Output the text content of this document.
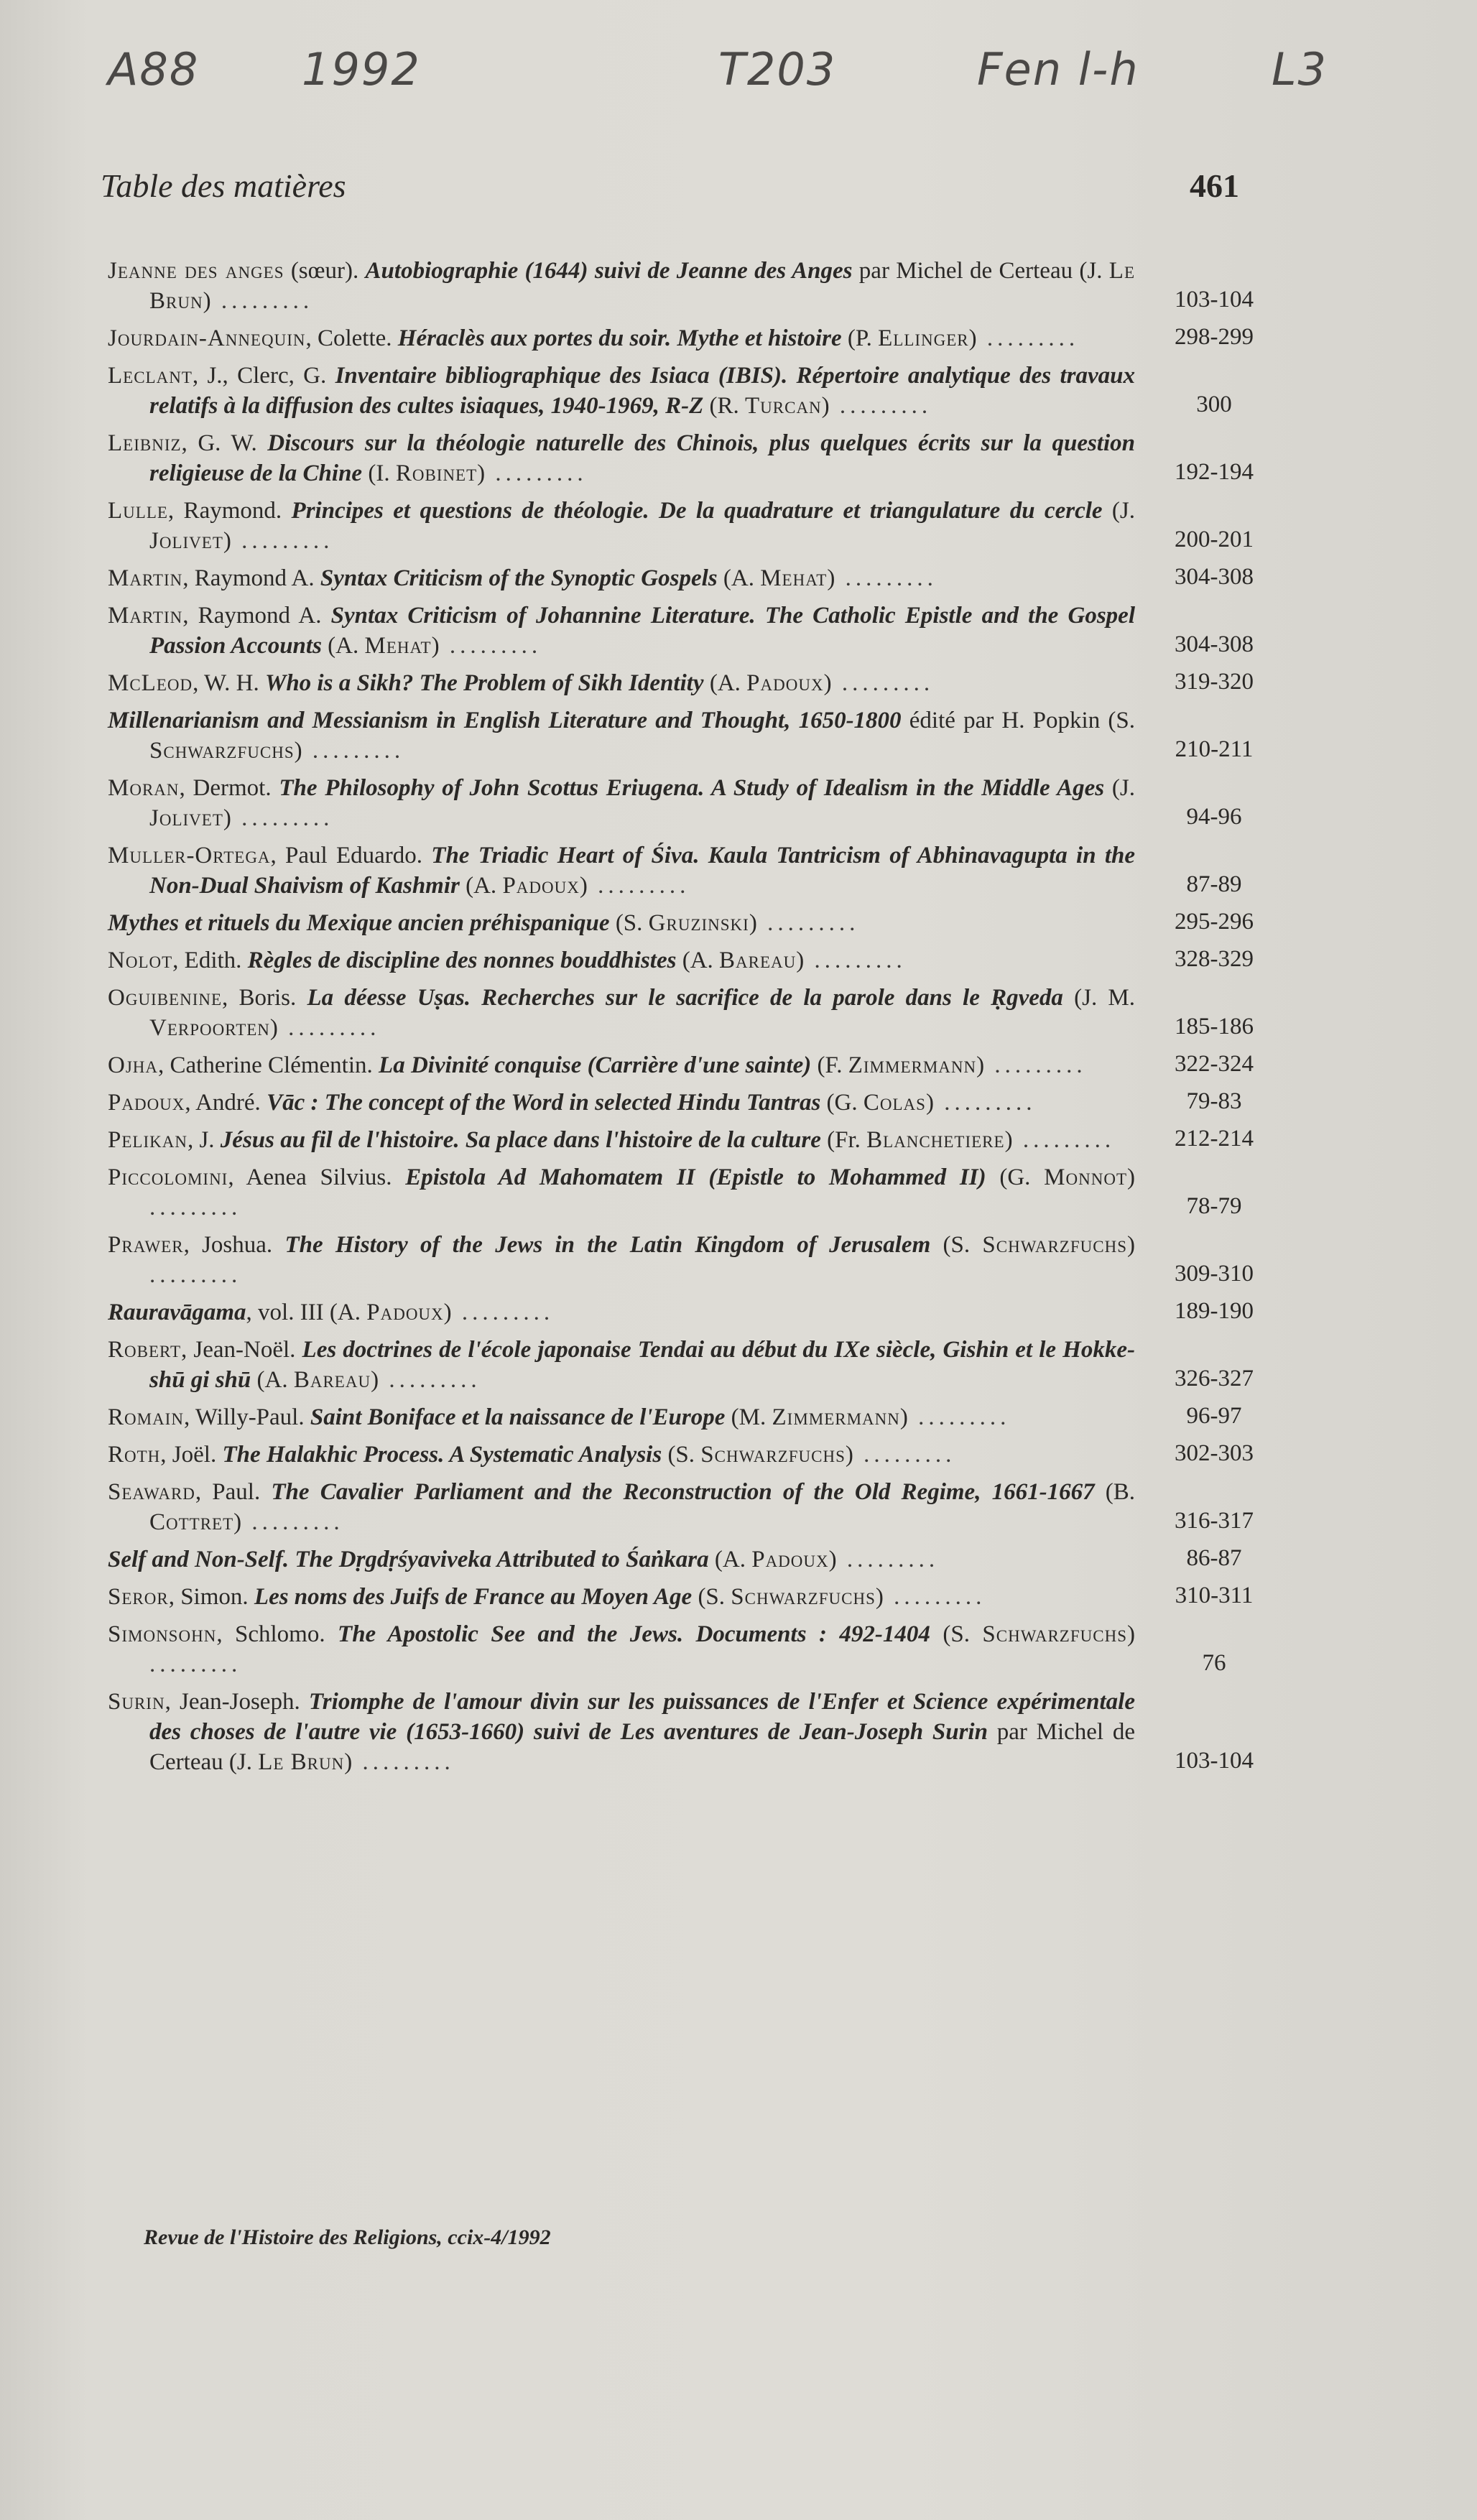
A88 1992	T203	Fen l-h	L3
Table des matières	461
Jeanne des anges (sœur). Autobiographie (1644) suivi de Jeanne des Anges par Michel de Certeau (J. Le Brun) .........	103-104
Jourdain-Annequin, Colette. Héraclès aux portes du soir. Mythe et histoire (P. Ellinger) .........	298-299
Leclant, J., Clerc, G. Inventaire bibliographique des Isiaca (IBIS). Répertoire analytique des travaux relatifs à la diffusion des cultes isiaques, 1940-1969, R-Z (R. Turcan) .........	300
Leibniz, G. W. Discours sur la théologie naturelle des Chinois, plus quelques écrits sur la question religieuse de la Chine (I. Robinet) .........	192-194
Lulle, Raymond. Principes et questions de théologie. De la quadrature et triangulature du cercle (J. Jolivet) .........	200-201
Martin, Raymond A. Syntax Criticism of the Synoptic Gospels (A. Mehat) .........	304-308
Martin, Raymond A. Syntax Criticism of Johannine Literature. The Catholic Epistle and the Gospel Passion Accounts (A. Mehat) .........	304-308
McLeod, W. H. Who is a Sikh? The Problem of Sikh Identity (A. Padoux) .........	319-320
Millenarianism and Messianism in English Literature and Thought, 1650-1800 édité par H. Popkin (S. Schwarzfuchs) .........	210-211
Moran, Dermot. The Philosophy of John Scottus Eriugena. A Study of Idealism in the Middle Ages (J. Jolivet) .........	94-96
Muller-Ortega, Paul Eduardo. The Triadic Heart of Śiva. Kaula Tantricism of Abhinavagupta in the Non-Dual Shaivism of Kashmir (A. Padoux) .........	87-89
Mythes et rituels du Mexique ancien préhispanique (S. Gruzinski) .........	295-296
Nolot, Edith. Règles de discipline des nonnes bouddhistes (A. Bareau) .........	328-329
Oguibenine, Boris. La déesse Uṣas. Recherches sur le sacrifice de la parole dans le Ṛgveda (J. M. Verpoorten) .........	185-186
Ojha, Catherine Clémentin. La Divinité conquise (Carrière d'une sainte) (F. Zimmermann) .........	322-324
Padoux, André. Vāc : The concept of the Word in selected Hindu Tantras (G. Colas) .........	79-83
Pelikan, J. Jésus au fil de l'histoire. Sa place dans l'histoire de la culture (Fr. Blanchetiere) .........	212-214
Piccolomini, Aenea Silvius. Epistola Ad Mahomatem II (Epistle to Mohammed II) (G. Monnot) .........	78-79
Prawer, Joshua. The History of the Jews in the Latin Kingdom of Jerusalem (S. Schwarzfuchs) .........	309-310
Rauravāgama, vol. III (A. Padoux) .........	189-190
Robert, Jean-Noël. Les doctrines de l'école japonaise Tendai au début du IXe siècle, Gishin et le Hokke-shū gi shū (A. Bareau) .........	326-327
Romain, Willy-Paul. Saint Boniface et la naissance de l'Europe (M. Zimmermann) .........	96-97
Roth, Joël. The Halakhic Process. A Systematic Analysis (S. Schwarzfuchs) .........	302-303
Seaward, Paul. The Cavalier Parliament and the Reconstruction of the Old Regime, 1661-1667 (B. Cottret) .........	316-317
Self and Non-Self. The Dṛgdṛśyaviveka Attributed to Śaṅkara (A. Padoux) .........	86-87
Seror, Simon. Les noms des Juifs de France au Moyen Age (S. Schwarzfuchs) .........	310-311
Simonsohn, Schlomo. The Apostolic See and the Jews. Documents : 492-1404 (S. Schwarzfuchs) .........	76
Surin, Jean-Joseph. Triomphe de l'amour divin sur les puissances de l'Enfer et Science expérimentale des choses de l'autre vie (1653-1660) suivi de Les aventures de Jean-Joseph Surin par Michel de Certeau (J. Le Brun) .........	103-104
Revue de l'Histoire des Religions, ccix-4/1992
